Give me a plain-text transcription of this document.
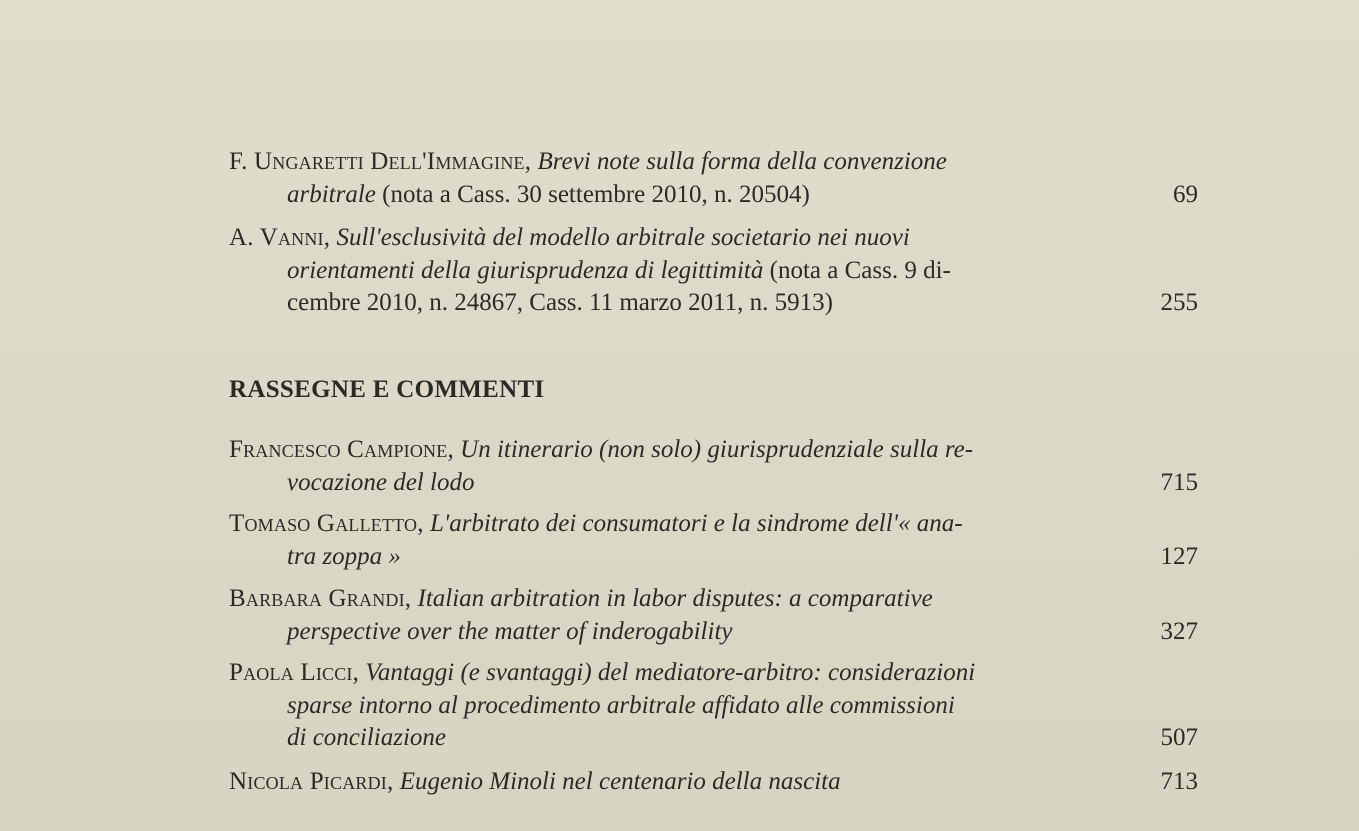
F. Ungaretti Dell'Immagine, Brevi note sulla forma della convenzione
arbitrale (nota a Cass. 30 settembre 2010, n. 20504)	69
A. Vanni, Sull'esclusività del modello arbitrale societario nei nuovi
orientamenti della giurisprudenza di legittimità (nota a Cass. 9 di-
cembre 2010, n. 24867, Cass. 11 marzo 2011, n. 5913)	255
RASSEGNE E COMMENTI
Francesco Campione, Un itinerario (non solo) giurisprudenziale sulla re-
vocazione del lodo	715
Tomaso Galletto, L'arbitrato dei consumatori e la sindrome dell'« ana-
tra zoppa »	127
Barbara Grandi, Italian arbitration in labor disputes: a comparative
perspective over the matter of inderogability	327
Paola Licci, Vantaggi (e svantaggi) del mediatore-arbitro: considerazioni
sparse intorno al procedimento arbitrale affidato alle commissioni
di conciliazione	507
Nicola Picardi, Eugenio Minoli nel centenario della nascita	713
